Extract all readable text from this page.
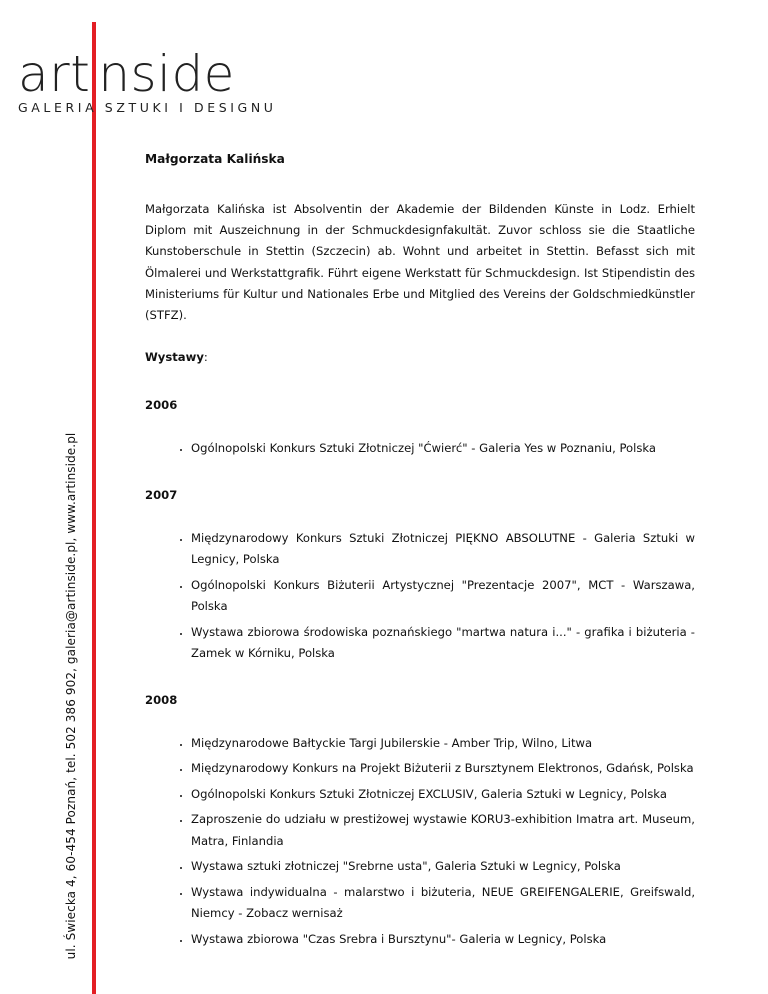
art nside
GALERIA SZTUKI I DESIGNU
ul. Świecka 4, 60-454 Poznań, tel. 502 386 902, galeria@artinside.pl, www.artinside.pl
Małgorzata Kalińska
Małgorzata Kalińska ist Absolventin der Akademie der Bildenden Künste in Lodz. Erhielt Diplom mit Auszeichnung in der Schmuckdesignfakultät. Zuvor schloss sie die Staatliche Kunstoberschule in Stettin (Szczecin) ab. Wohnt und arbeitet in Stettin. Befasst sich mit Ölmalerei und Werkstattgrafik. Führt eigene Werkstatt für Schmuckdesign. Ist Stipendistin des Ministeriums für Kultur und Nationales Erbe und Mitglied des Vereins der Goldschmiedkünstler (STFZ).
Wystawy:
2006
• Ogólnopolski Konkurs Sztuki Złotniczej "Ćwierć" - Galeria Yes w Poznaniu, Polska
2007
• Międzynarodowy Konkurs Sztuki Złotniczej PIĘKNO ABSOLUTNE - Galeria Sztuki w Legnicy, Polska
• Ogólnopolski Konkurs Biżuterii Artystycznej "Prezentacje 2007", MCT - Warszawa, Polska
• Wystawa zbiorowa środowiska poznańskiego "martwa natura i..." - grafika i biżuteria - Zamek w Kórniku, Polska
2008
• Międzynarodowe Bałtyckie Targi Jubilerskie - Amber Trip, Wilno, Litwa
• Międzynarodowy Konkurs na Projekt Biżuterii z Bursztynem Elektronos, Gdańsk, Polska
• Ogólnopolski Konkurs Sztuki Złotniczej EXCLUSIV, Galeria Sztuki w Legnicy, Polska
• Zaproszenie do udziału w prestiżowej wystawie KORU3-exhibition Imatra art. Museum, Matra, Finlandia
• Wystawa sztuki złotniczej "Srebrne usta", Galeria Sztuki w Legnicy, Polska
• Wystawa indywidualna - malarstwo i biżuteria, NEUE GREIFENGALERIE, Greifswald, Niemcy - Zobacz wernisaż
• Wystawa zbiorowa "Czas Srebra i Bursztynu"- Galeria w Legnicy, Polska
